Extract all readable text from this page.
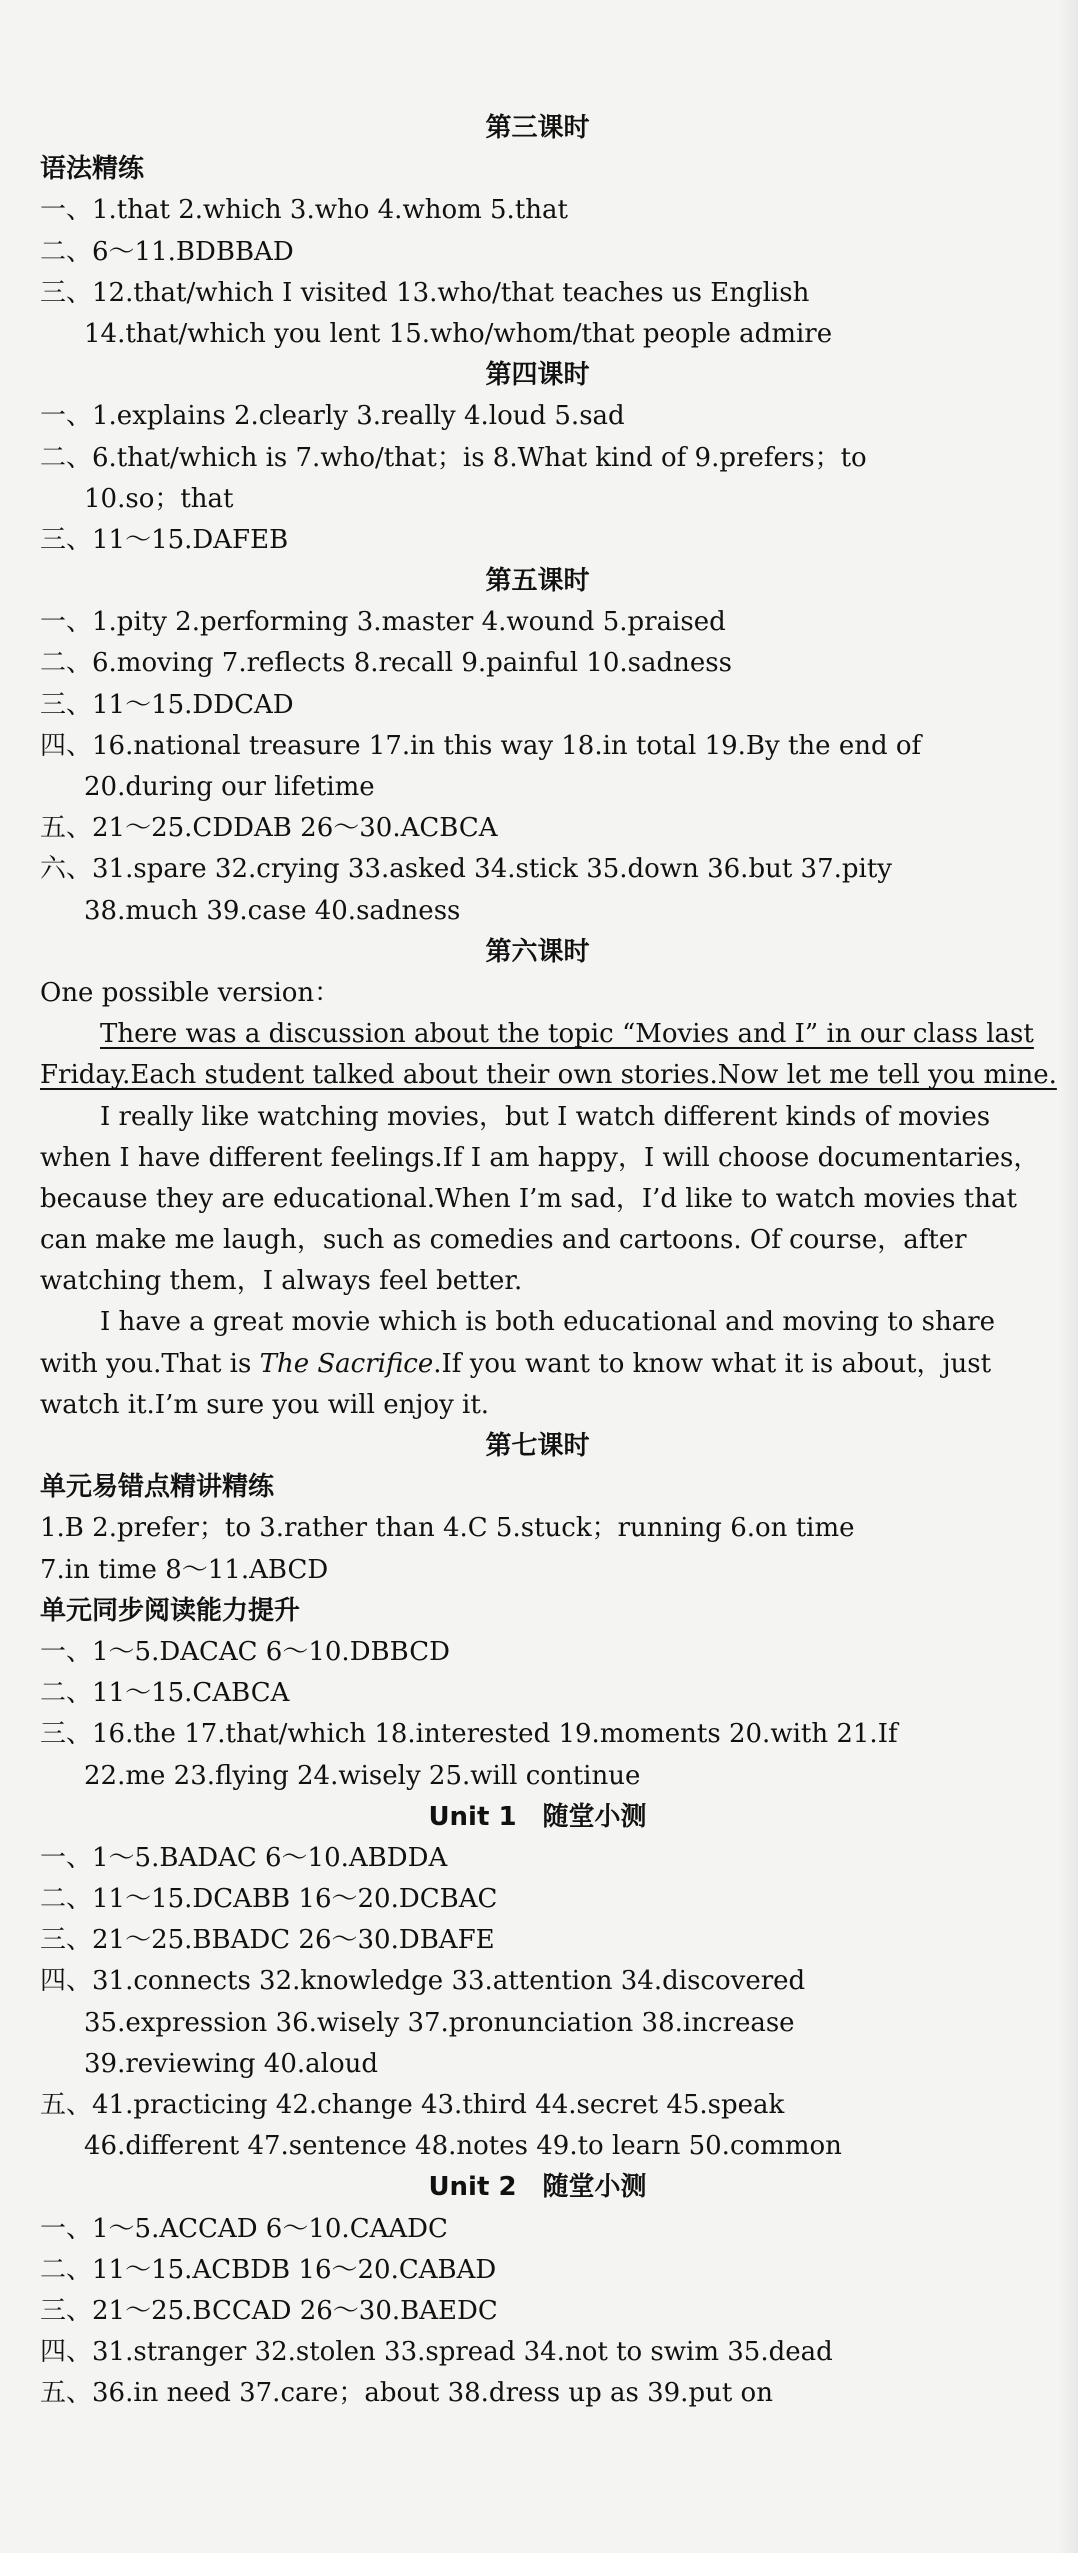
第三课时
语法精练
一、1.that 2.which 3.who 4.whom 5.that
二、6～11.BDBBAD
三、12.that/which I visited 13.who/that teaches us English
14.that/which you lent 15.who/whom/that people admire
第四课时
一、1.explains 2.clearly 3.really 4.loud 5.sad
二、6.that/which is 7.who/that；is 8.What kind of 9.prefers；to
10.so；that
三、11～15.DAFEB
第五课时
一、1.pity 2.performing 3.master 4.wound 5.praised
二、6.moving 7.reflects 8.recall 9.painful 10.sadness
三、11～15.DDCAD
四、16.national treasure 17.in this way 18.in total 19.By the end of
20.during our lifetime
五、21～25.CDDAB 26～30.ACBCA
六、31.spare 32.crying 33.asked 34.stick 35.down 36.but 37.pity
38.much 39.case 40.sadness
第六课时
One possible version：
There was a discussion about the topic “Movies and I” in our class last
Friday.Each student talked about their own stories.Now let me tell you mine.
I really like watching movies，but I watch different kinds of movies
when I have different feelings.If I am happy，I will choose documentaries，
because they are educational.When I’m sad，I’d like to watch movies that
can make me laugh，such as comedies and cartoons. Of course，after
watching them，I always feel better.
I have a great movie which is both educational and moving to share
with you.That is The Sacrifice.If you want to know what it is about，just
watch it.I’m sure you will enjoy it.
第七课时
单元易错点精讲精练
1.B 2.prefer；to 3.rather than 4.C 5.stuck；running 6.on time
7.in time 8～11.ABCD
单元同步阅读能力提升
一、1～5.DACAC 6～10.DBBCD
二、11～15.CABCA
三、16.the 17.that/which 18.interested 19.moments 20.with 21.If
22.me 23.flying 24.wisely 25.will continue
Unit 1　随堂小测
一、1～5.BADAC 6～10.ABDDA
二、11～15.DCABB 16～20.DCBAC
三、21～25.BBADC 26～30.DBAFE
四、31.connects 32.knowledge 33.attention 34.discovered
35.expression 36.wisely 37.pronunciation 38.increase
39.reviewing 40.aloud
五、41.practicing 42.change 43.third 44.secret 45.speak
46.different 47.sentence 48.notes 49.to learn 50.common
Unit 2　随堂小测
一、1～5.ACCAD 6～10.CAADC
二、11～15.ACBDB 16～20.CABAD
三、21～25.BCCAD 26～30.BAEDC
四、31.stranger 32.stolen 33.spread 34.not to swim 35.dead
五、36.in need 37.care；about 38.dress up as 39.put on
